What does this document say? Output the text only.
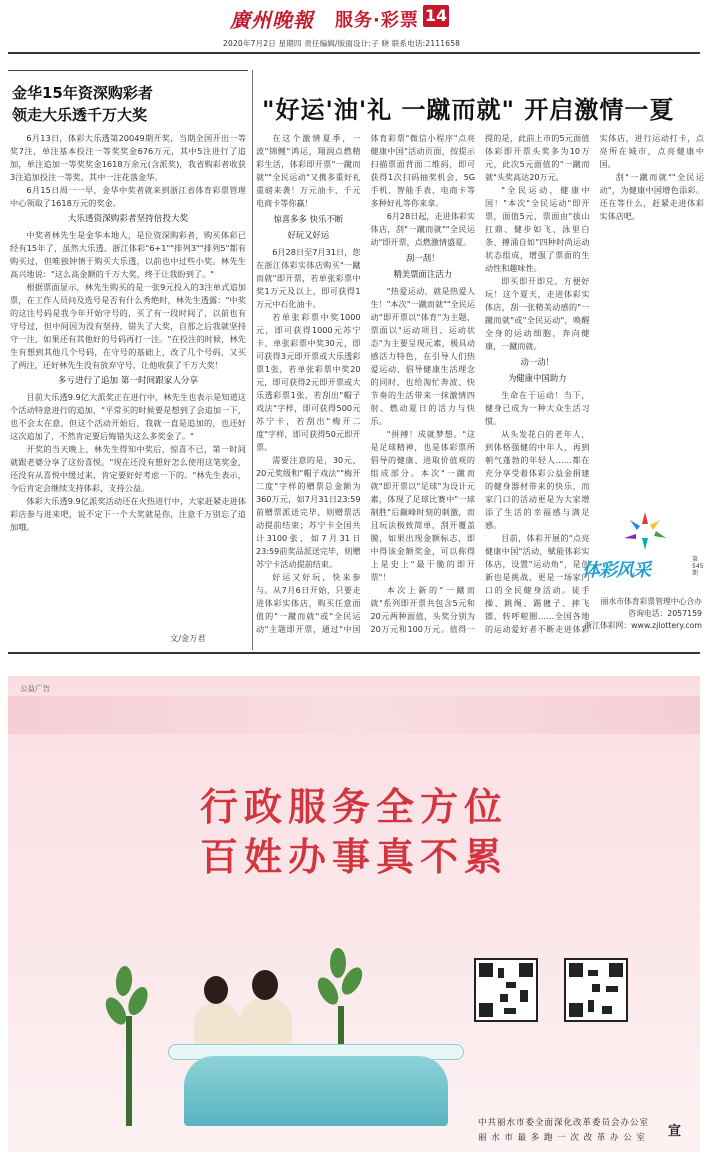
廣州晚報 服务·彩票 14
2020年7月2日 星期四 责任编辑/版面设计:子 晓 联系电话:2111658
金华15年资深购彩者
领走大乐透千万大奖

6月13日，体彩大乐透第20049期开奖，当期全国开出一等奖7注，单注基本投注一等奖奖金676万元，其中5注进行了追加，单注追加一等奖奖金1618万余元(含派奖)，我省购彩者收获3注追加投注一等奖，其中一注花落金华。

6月15日周一一早，金华中奖者就来到浙江省体育彩票管理中心领取了1618万元的奖金。

大乐透资深购彩者坚持倍投大奖

中奖者林先生是金华本地人，是位资深购彩者，购买体彩已经有15年了，虽然大乐透、浙江体彩"6+1""排列3""排列5"都有购买过，但唯独钟情于购买大乐透，以前也中过些小奖。林先生高兴地说："这么高金额的千万大奖，终于让我盼到了。"

根据票面显示，林先生购买的是一张9元投入的3注单式追加票，在工作人员问及选号是否有什么秀绝时，林先生透露："中奖的这注号码是我今年开始守号的，买了有一段时间了，以前也有守号过，但中间因为没有坚持，错失了大奖，自那之后我就坚持守一注，如果还有其他好的号码再打一注。"在投注的时候，林先生有想到其他几个号码，在守号的基础上，改了几个号码，又买了两注，还好林先生没有放弃守号，让他收获了千万大奖！

多亏进行了追加 第一时间跟家人分享

目前大乐透9.9亿大派奖正在进行中，林先生也表示是知道这个活动特意进行的追加，"平常买的时候要是想到了会追加一下，也不会太在意，但这个活动开始后，我就一直是追加的，也还好这次追加了，不然肯定要后悔错失这么多奖金了。"

开奖的当天晚上，林先生得知中奖后，惊喜不已，第一时间就跟老婆分享了这份喜悦。"现在还没有想好怎么使用这笔奖金，还没有从喜悦中缓过来，肯定要好好考虑一下的。"林先生表示，今后肯定会继续支持体彩，支持公益。

体彩大乐透9.9亿派奖活动还在火热进行中，大家赶紧走进体彩店参与进来吧，说不定下一个大奖就是你，注意千万别忘了追加哦。

文/金万君
"好运'油'礼 一蹴而就" 开启激情一夏

在这个激情夏季，一波"锦鲤"鸿运，翔润点燃精彩生活，体彩即开票"一蹴而就""全民运动"又携多重好礼重磅来袭！万元油卡、千元电商卡等你赢！

惊喜多多 快乐不断

好玩又好运

6月28日至7月31日，您在浙江体彩实体店购买"一蹴而就"即开票，若单张彩票中奖1万元及以上，即可获得1万元中石化油卡。

若单张彩票中奖1000元，即可获得1000元苏宁卡，单张彩票中奖30元，即可获得3元即开票或大乐透彩票1张，若单张彩票中奖20元，即可获得2元即开票或大乐透彩票1张，若刮出"帽子戏法"字样，即可获得500元苏宁卡，若刮出"梅开二度"字样，即可获得50元即开票。

需要注意的是，30元、20元奖级和"帽子戏法""梅开二度"字样的赠票总金额为360万元，如7月31日23:59前赠票派送完毕，则赠票活动提前结束；苏宁卡全国共计3100张，如7月31日23:59前奖品派送完毕，则赠苏宁卡活动提前结束。

好运又好玩，快来参与。从7月6日开始，只要走进体彩实体店，购买任意面值的"一蹴而就"或"全民运动"主题即开票，通过"中国体育彩票"微信小程序"点亮健康中国"活动页面，按提示扫描票面背面二维码，即可获得1次扫码抽奖机会，5G手机、智能手表、电商卡等多种好礼等你来拿。

6月28日起，走进体彩实体店，刮"一蹴而就""全民运动"即开票，点燃激情盛夏。

刮一刮！

精美票面注活力

"热爱运动，就是热爱人生！"本次"一蹴而就""全民运动"即开票以"体育"为主题，票面以"运动项目、运动状态"为主要呈现元素，极具动感活力特色，在引导人们热爱运动、倡导健康生活理念的同时，也给淘忙奔波、快节奏的生活带来一抹激情四射、燃动夏日的活力与快乐。

"拼搏！成就梦想。"这是足球精神，也是体彩票所倡导的健康、进取价值观的组成部分。本次"一蹴而就"即开票以"足球"为设计元素，体现了足球比赛中"一球制胜"后巅峰时刻的刺激，而且玩法极致简单，刮开覆盖膜，如果出现金额标志，即中得该金额奖金，可以称得上是史上"最干脆的即开票"！

本次上新的"一蹴而就"系列即开票共包含5元和20元两种面值，头奖分别为20万元和100万元。值得一提的是，此前上市的5元面值体彩即开票头奖多为10万元，此次5元面值的"一蹴而就"头奖高达20万元。

"全民运动，健康中国！"本次"全民运动"即开票，面值5元，票面由"拔山扛鼎、健步如飞、泳里白条、搏涌自如"四种时尚运动状态组成，增强了票面的生动性和趣味性。

即买即开即兑，方便好玩！这个夏天，走进体彩实体店，刮一张精美动感的"一蹴而就"或"全民运动"，唤醒全身的运动细胞，奔向健康，一蹴而就。

动一动！

为健康中国助力

生命在于运动！当下，健身已成为一种大众生活习惯。

从头发花白的老年人，到体格强健的中年人，再到朝气蓬勃的年轻人……都在充分享受着体彩公益金捐建的健身器材带来的快乐，而家门口的活动更是为大家增添了生活的幸福感与满足感。

目前，体彩开展的"点亮健康中国"活动，赋能体彩实体店，设置"运动角"，是创新也是挑战，更是一场家门口的全民健身活动。徒手操、跳绳、踢毽子、摔飞镖、转呼啦圈……全国各地的运动爱好者不断走进体彩实体店，进行运动打卡，点亮所在城市，点亮健康中国。

刮"一蹴而就""全民运动"，为健康中国增色添彩。还在等什么，赶紧走进体彩实体店吧。

体彩风采
第545期
丽水市体育彩票管理中心合办
咨询电话：2057159
浙江体彩网：www.zjlottery.com
公益广告
行政服务全方位
百姓办事真不累
中共丽水市委全面深化改革委员会办公室
丽 水 市 最 多 跑 一 次 改 革 办 公 室 宣
